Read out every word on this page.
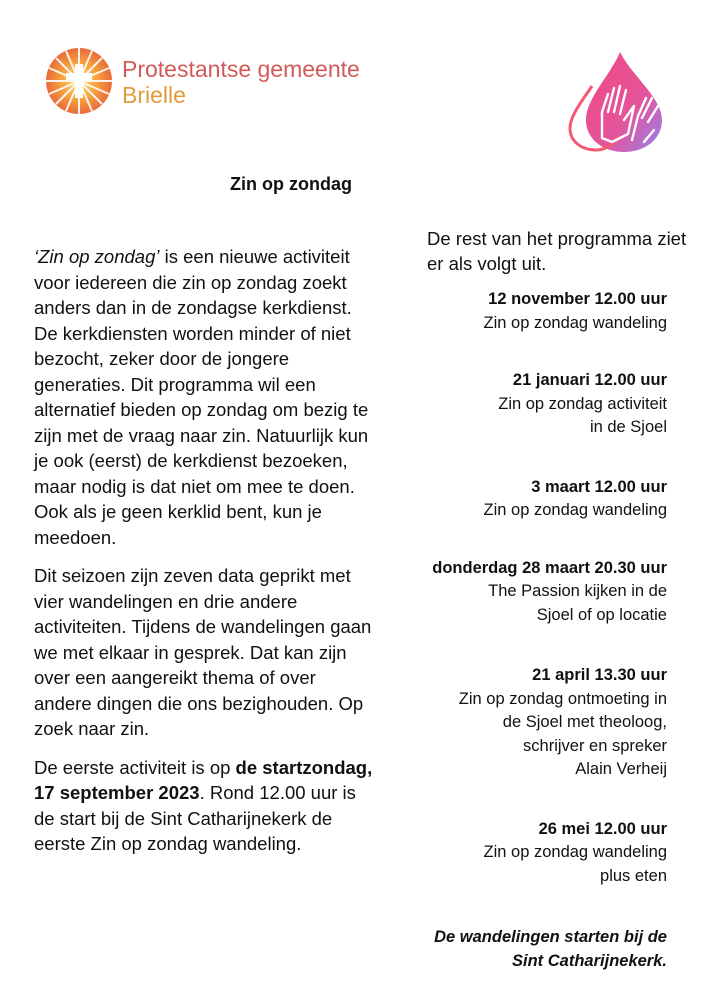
Protestantse gemeente
Brielle
Zin op zondag

‘Zin op zondag’ is een nieuwe activiteit voor iedereen die zin op zondag zoekt anders dan in de zondagse kerkdienst. De kerkdiensten worden minder of niet bezocht, zeker door de jongere generaties. Dit programma wil een alternatief bieden op zondag om bezig te zijn met de vraag naar zin. Natuurlijk kun je ook (eerst) de kerkdienst bezoeken, maar nodig is dat niet om mee te doen. Ook als je geen kerklid bent, kun je meedoen.

Dit seizoen zijn zeven data geprikt met vier wandelingen en drie andere activiteiten. Tijdens de wandelingen gaan we met elkaar in gesprek. Dat kan zijn over een aangereikt thema of over andere dingen die ons bezighouden. Op zoek naar zin.

De eerste activiteit is op de startzondag, 17 september 2023. Rond 12.00 uur is de start bij de Sint Catharijnekerk de eerste Zin op zondag wandeling.

De rest van het programma ziet er als volgt uit.
12 november 12.00 uur
Zin op zondag wandeling
21 januari 12.00 uur
Zin op zondag activiteit
in de Sjoel
3 maart 12.00 uur
Zin op zondag wandeling
donderdag 28 maart 20.30 uur
The Passion kijken in de
Sjoel of op locatie
21 april 13.30 uur
Zin op zondag ontmoeting in
de Sjoel met theoloog,
schrijver en spreker
Alain Verheij
26 mei 12.00 uur
Zin op zondag wandeling
plus eten
De wandelingen starten bij de
Sint Catharijnekerk.
